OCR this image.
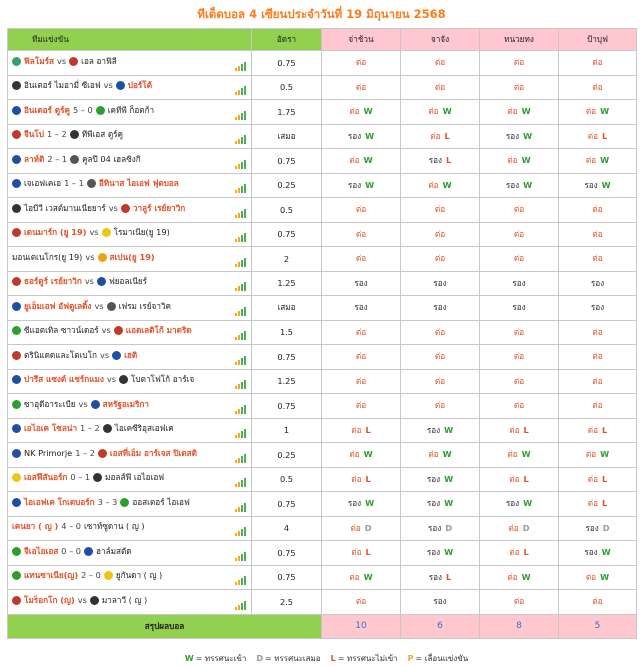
ทีเด็ดบอล 4 เซียนประจำวันที่ 19 มิถุนายน 2568
ทีมแข่งขัน	อัตรา	จ่าช้วน	จาจัง	ทนวยทง	ป้าบุฟ
ฟิลโมร์ส vs เอล อาฟิลี	0.75	ต่อ	ต่อ	ต่อ	ต่อ
อินเตอร์ ไมอามี่ ซีเอฟ vs ปอร์โต้	0.5	ต่อ	ต่อ	ต่อ	ต่อ
อินเตอร์ ตูร์คู 5 – 0 เคทีพี ก็อตก้า	1.75	ต่อ W	ต่อ W	ต่อ W	ต่อ W
จีนโป 1 – 2 ทีพีเอส ตูร์คู	เสมอ	รอง W	ต่อ L	รอง W	ต่อ L
ลาห์ติ 2 – 1 คูลปี 04 เฮลซิงกิ	0.75	ต่อ W	รอง L	ต่อ W	ต่อ W
เจเอฟเคเอ 1 – 1 อีทินาส ไอเอฟ ฟุตบอล	0.25	รอง W	ต่อ W	รอง W	รอง W
ไอบีวี เวสต์มานเนียยาร์ vs วาลูร์ เรย์ยาวิก	0.5	ต่อ	ต่อ	ต่อ	ต่อ
เดนมาร์ก (ยู 19) vs โรมาเนีย(ยู 19)	0.75	ต่อ	ต่อ	ต่อ	ต่อ
มอนเตเนโกร(ยู 19) vs สเปน(ยู 19)	2	ต่อ	ต่อ	ต่อ	ต่อ
ธอร์ดูร์ เรย์ยาวิก vs ฟยอลเนียร์	1.25	รอง	รอง	รอง	รอง
ยูเอ็มเอฟ อัฟตูเลดิ้ง vs เฟรม เรย์จาวิค	เสมอ	รอง	รอง	รอง	รอง
ซีแอตเทิล ซาวน์เดอร์ vs แอตเลติโก้ มาดริด	1.5	ต่อ	ต่อ	ต่อ	ต่อ
ตรินิแดดและโตเบโก vs เฮติ	0.75	ต่อ	ต่อ	ต่อ	ต่อ
ปารีส แซงต์ แชร์กแมง vs โบตาโฟโก้ อาร์เจ	1.25	ต่อ	ต่อ	ต่อ	ต่อ
ซาอุดีอาระเบีย vs สหรัฐอเมริกา	0.75	ต่อ	ต่อ	ต่อ	ต่อ
เอไอเค โซลน่า 1 – 2 ไอเคซีริอุสเอฟเค	1	ต่อ L	รอง W	ต่อ L	ต่อ L
NK Primorje 1 – 2 เอสที่เอ็ม อาร์เจส ปิเดสติ	0.25	ต่อ W	ต่อ W	ต่อ W	ต่อ W
เอสฟีสันอร์ก 0 – 1 มอลส์ฟี เอไอเอฟ	0.5	ต่อ L	รอง W	ต่อ L	ต่อ L
ไอเอฟเค โกเตบอร์ก 3 – 3 ออสเตอร์ ไอเอฟ	0.75	รอง W	รอง W	รอง W	ต่อ L
เคนยา ( ญ ) 4 – 0 เซาท์ซูดาน ( ญ )	4	ต่อ D	รอง D	ต่อ D	รอง D
จีเอไอเอส 0 – 0 ฮาล์มสตัด	0.75	ต่อ L	รอง W	ต่อ L	รอง W
แทนซาเนีย(ญ) 2 – 0 ยูกันดา ( ญ )	0.75	ต่อ W	รอง L	ต่อ W	ต่อ W
โมร็อกโก (ญ) vs มาลาวี ( ญ )	2.5	ต่อ	รอง	ต่อ	ต่อ
สรุปผลบอล		10	6	8	5
W = ทรรศนะเข้า D = ทรรศนะเสมอ L = ทรรศนะไม่เข้า P = เลื่อนแข่งขัน
